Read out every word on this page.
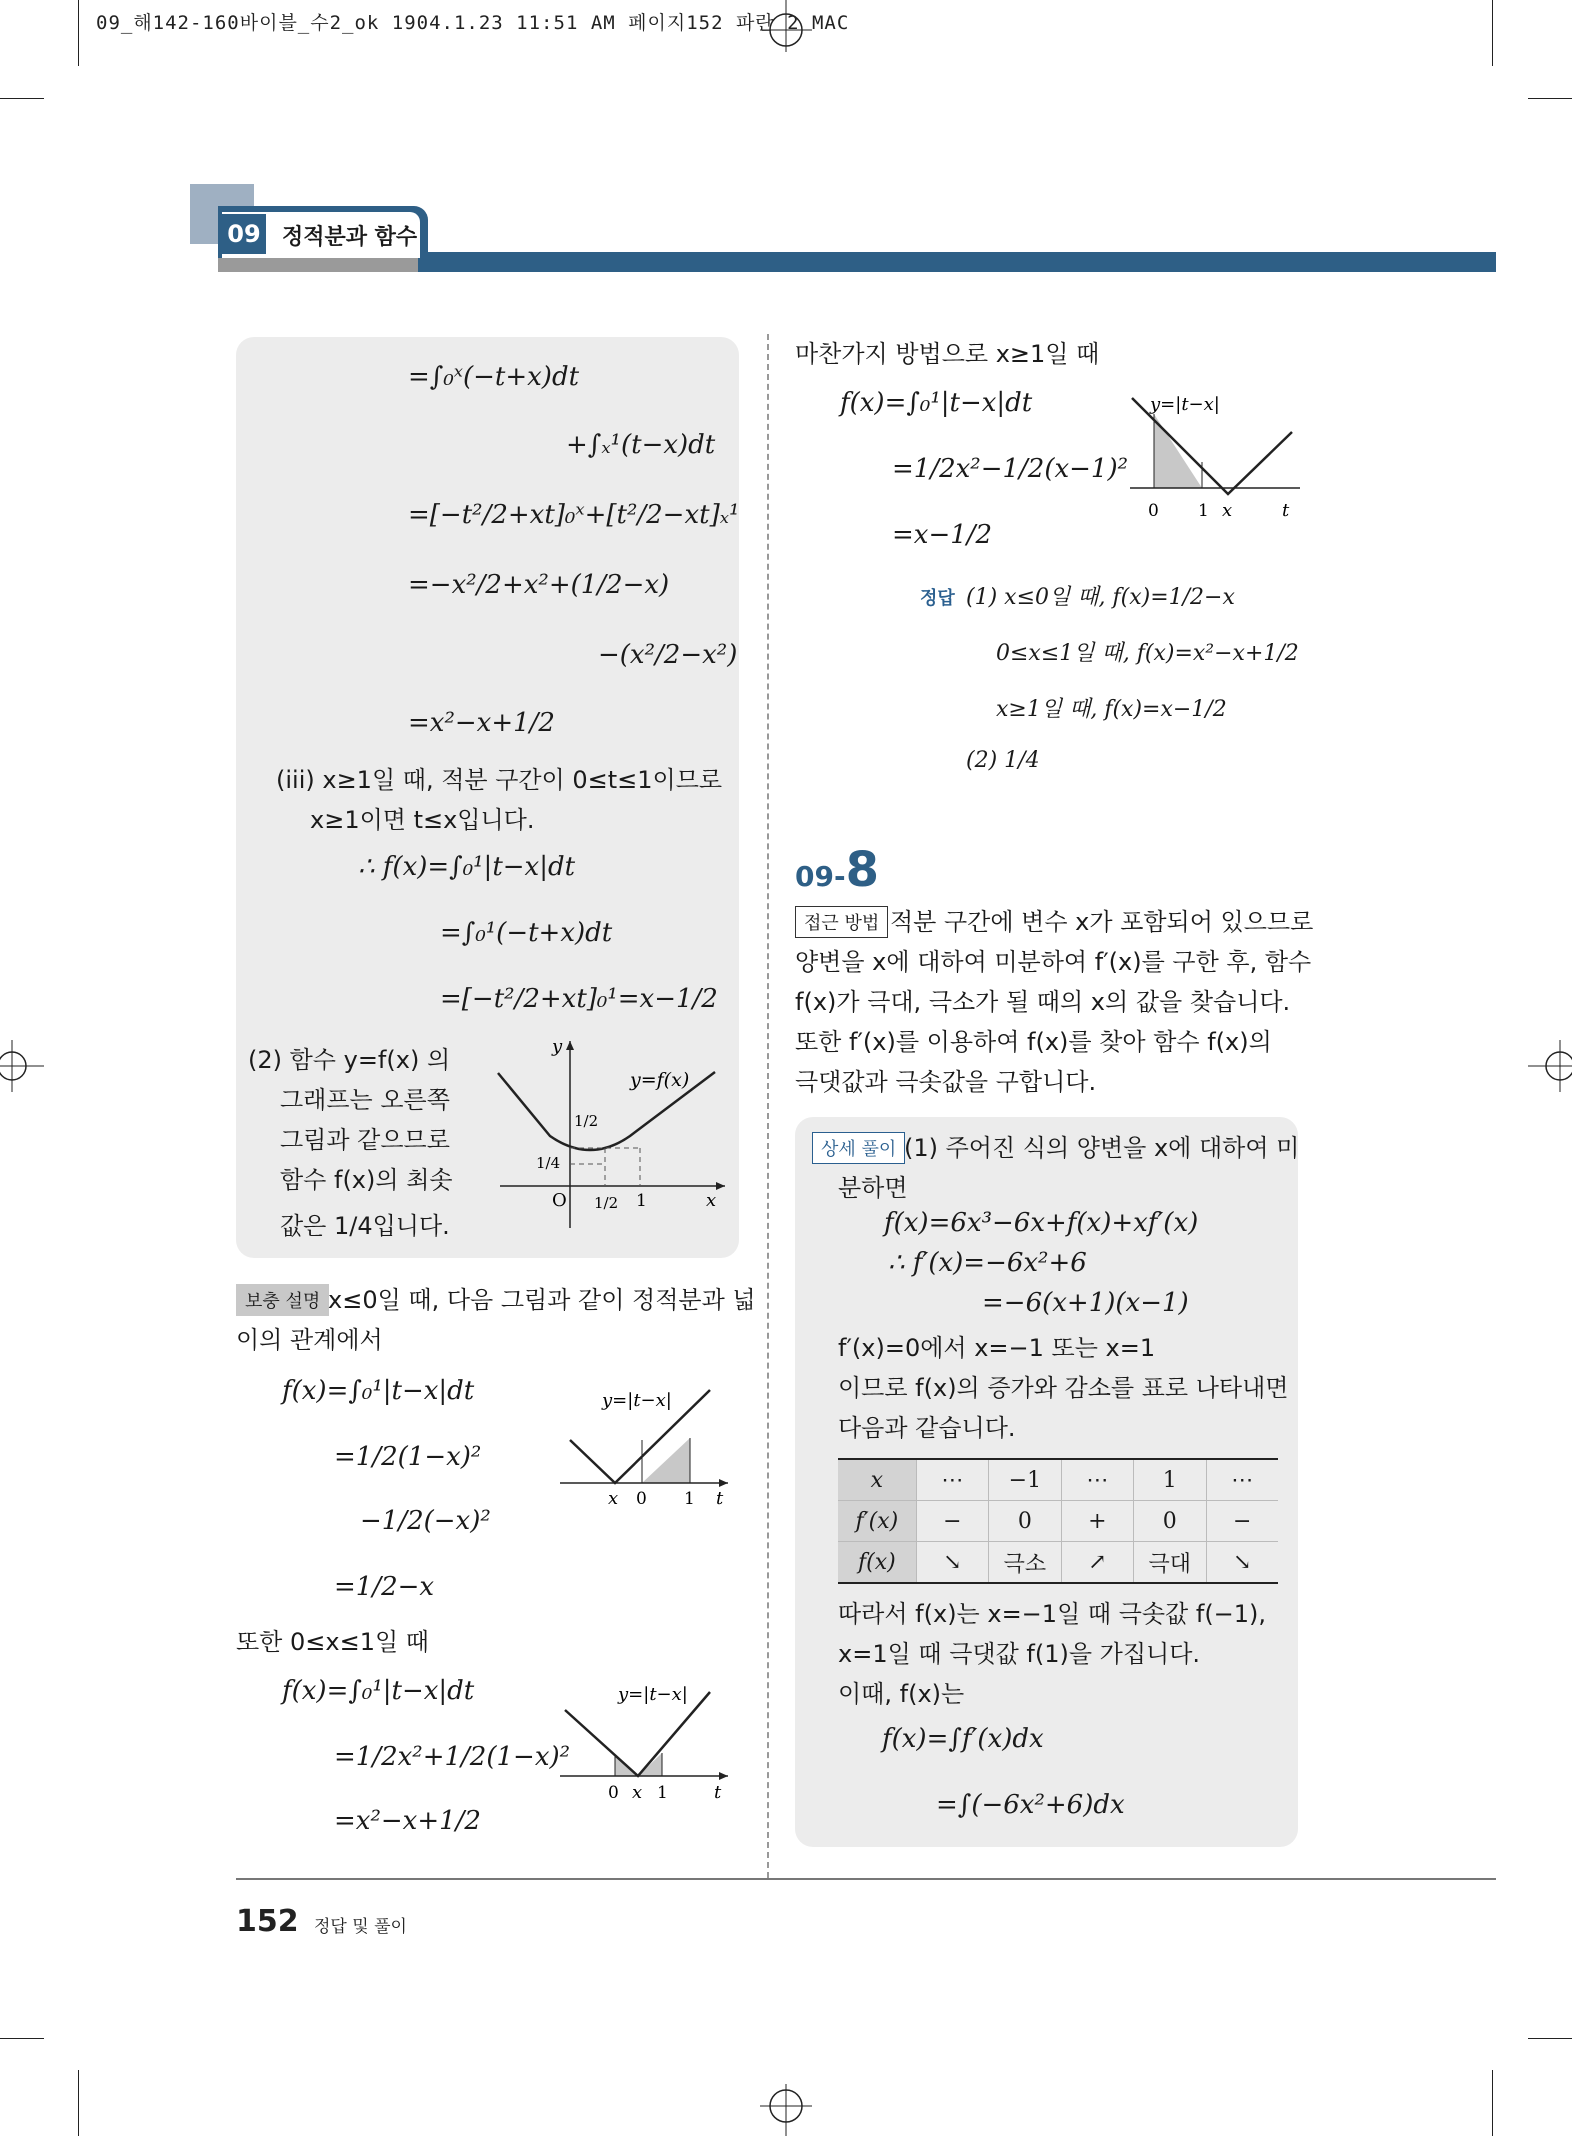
09_해142-160바이블_수2_ok 1904.1.23 11:51 AM 페이지152 파란 2 MAC
09 정적분과 함수
=∫₀ˣ(−t+x)dt
+∫ₓ¹(t−x)dt
=[−t²/2+xt]₀ˣ+[t²/2−xt]ₓ¹
=−x²/2+x²+(1/2−x)
−(x²/2−x²)
=x²−x+1/2
(iii) x≥1일 때, 적분 구간이 0≤t≤1이므로
x≥1이면 t≤x입니다.
∴ f(x)=∫₀¹|t−x|dt
=∫₀¹(−t+x)dt
=[−t²/2+xt]₀¹=x−1/2
(2) 함수 y=f(x) 의
그래프는 오른쪽
그림과 같으므로
함수 f(x)의 최솟
값은 1/4입니다.
y=f(x)
y
x
O
1/2
1/4
1/2 1
보충 설명 x≤0일 때, 다음 그림과 같이 정적분과 넓
이의 관계에서
f(x)=∫₀¹|t−x|dt
=1/2(1−x)²
−1/2(−x)²
=1/2−x
또한 0≤x≤1일 때
f(x)=∫₀¹|t−x|dt
=1/2x²+1/2(1−x)²
=x²−x+1/2
y=|t−x|
x 0 1 t
y=|t−x|
0 x 1	t
마찬가지 방법으로 x≥1일 때
f(x)=∫₀¹|t−x|dt
=1/2x²−1/2(x−1)²
=x−1/2
y=|t−x|
0 1 x	t
정답 (1) x≤0일 때, f(x)=1/2−x
0≤x≤1일 때, f(x)=x²−x+1/2
x≥1일 때, f(x)=x−1/2
(2) 1/4
09-8
접근 방법 적분 구간에 변수 x가 포함되어 있으므로
양변을 x에 대하여 미분하여 f′(x)를 구한 후, 함수
f(x)가 극대, 극소가 될 때의 x의 값을 찾습니다.
또한 f′(x)를 이용하여 f(x)를 찾아 함수 f(x)의
극댓값과 극솟값을 구합니다.
상세 풀이 (1) 주어진 식의 양변을 x에 대하여 미
분하면
f(x)=6x³−6x+f(x)+xf′(x)
∴ f′(x)=−6x²+6
=−6(x+1)(x−1)
f′(x)=0에서 x=−1 또는 x=1
이므로 f(x)의 증가와 감소를 표로 나타내면
다음과 같습니다.
x	⋯	−1	⋯	1	⋯
f′(x)	−	0	+	0	−
f(x)	↘	극소	↗	극대	↘
따라서 f(x)는 x=−1일 때 극솟값 f(−1),
x=1일 때 극댓값 f(1)을 가집니다.
이때, f(x)는
f(x)=∫f′(x)dx
=∫(−6x²+6)dx
152 정답 및 풀이
